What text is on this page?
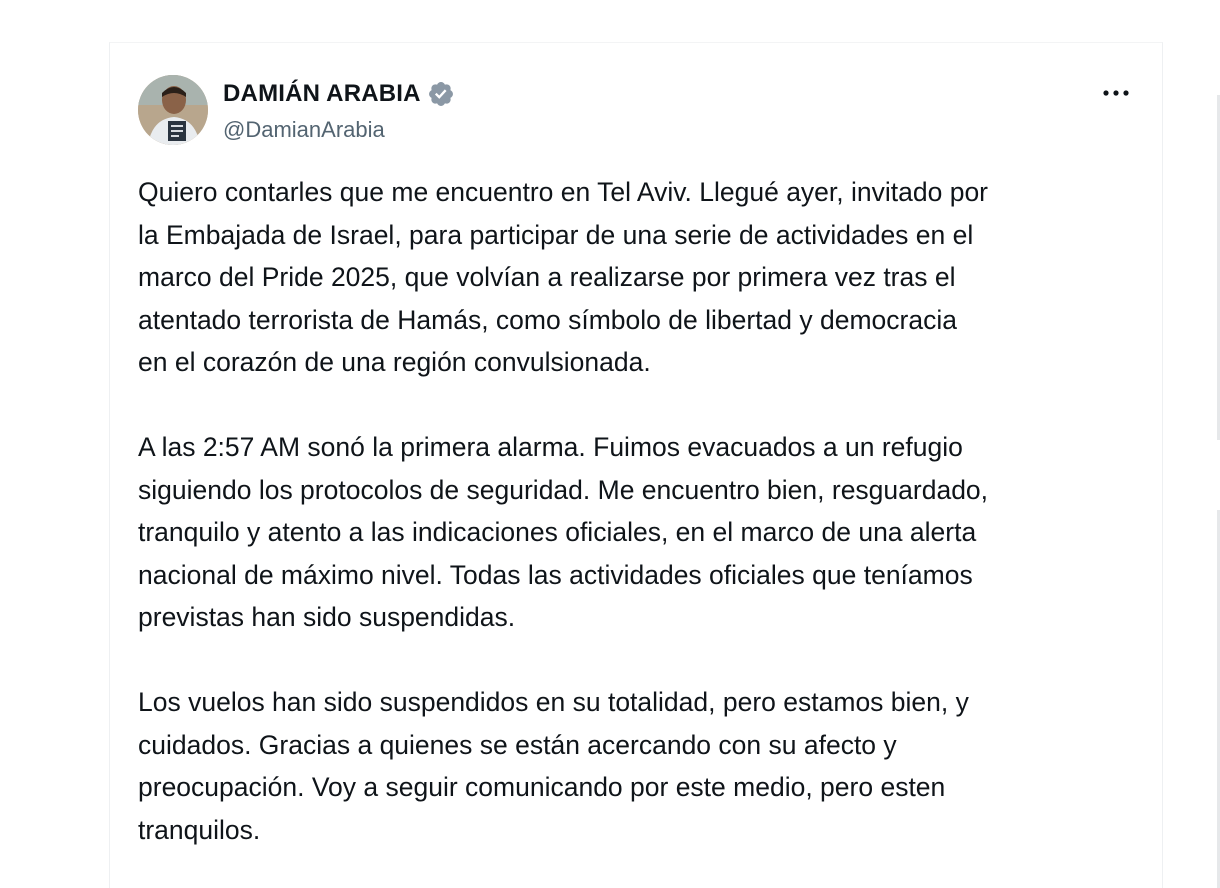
DAMIÁN ARABIA
@DamianArabia

Quiero contarles que me encuentro en Tel Aviv. Llegué ayer, invitado por
la Embajada de Israel, para participar de una serie de actividades en el
marco del Pride 2025, que volvían a realizarse por primera vez tras el
atentado terrorista de Hamás, como símbolo de libertad y democracia
en el corazón de una región convulsionada.

A las 2:57 AM sonó la primera alarma. Fuimos evacuados a un refugio
siguiendo los protocolos de seguridad. Me encuentro bien, resguardado,
tranquilo y atento a las indicaciones oficiales, en el marco de una alerta
nacional de máximo nivel. Todas las actividades oficiales que teníamos
previstas han sido suspendidas.

Los vuelos han sido suspendidos en su totalidad, pero estamos bien, y
cuidados. Gracias a quienes se están acercando con su afecto y
preocupación. Voy a seguir comunicando por este medio, pero esten
tranquilos.
